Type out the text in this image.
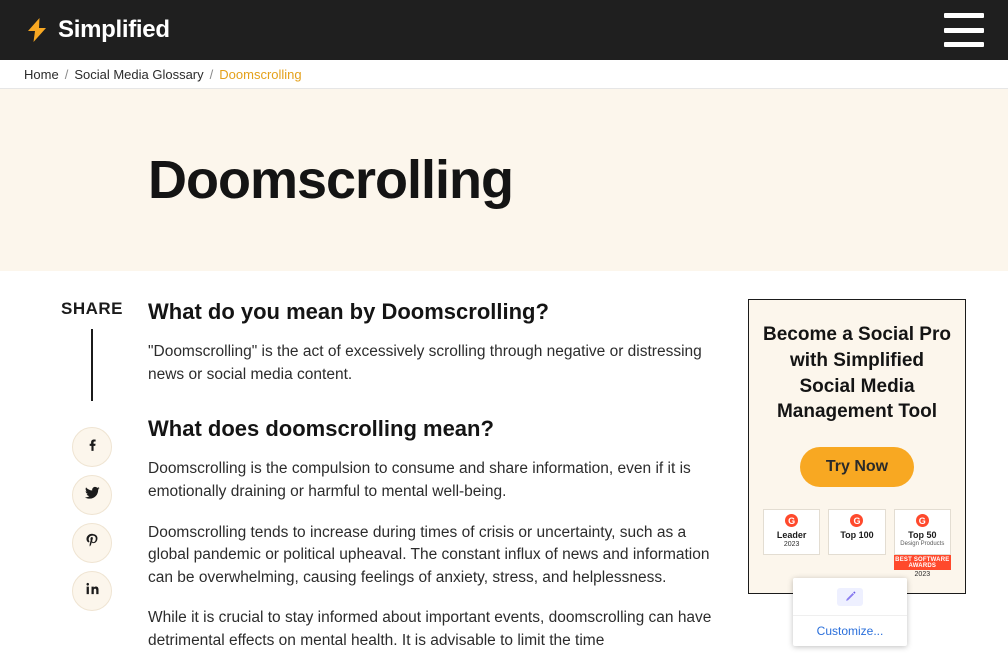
Simplified
Home / Social Media Glossary / Doomscrolling
Doomscrolling
SHARE What do you mean by Doomscrolling?

"Doomscrolling" is the act of excessively scrolling through negative or distressing news or social media content.

What does doomscrolling mean?

Doomscrolling is the compulsion to consume and share information, even if it is emotionally draining or harmful to mental well-being.

Doomscrolling tends to increase during times of crisis or uncertainty, such as a global pandemic or political upheaval. The constant influx of news and information can be overwhelming, causing feelings of anxiety, stress, and helplessness.

While it is crucial to stay informed about important events, doomscrolling can have detrimental effects on mental health. It is advisable to limit the time

Become a Social Pro with Simplified Social Media Management Tool
Try Now
G
Leader
2023
G
Top 100
G
Top 50
Design Products
BEST SOFTWARE AWARDS
2023
Customize...
